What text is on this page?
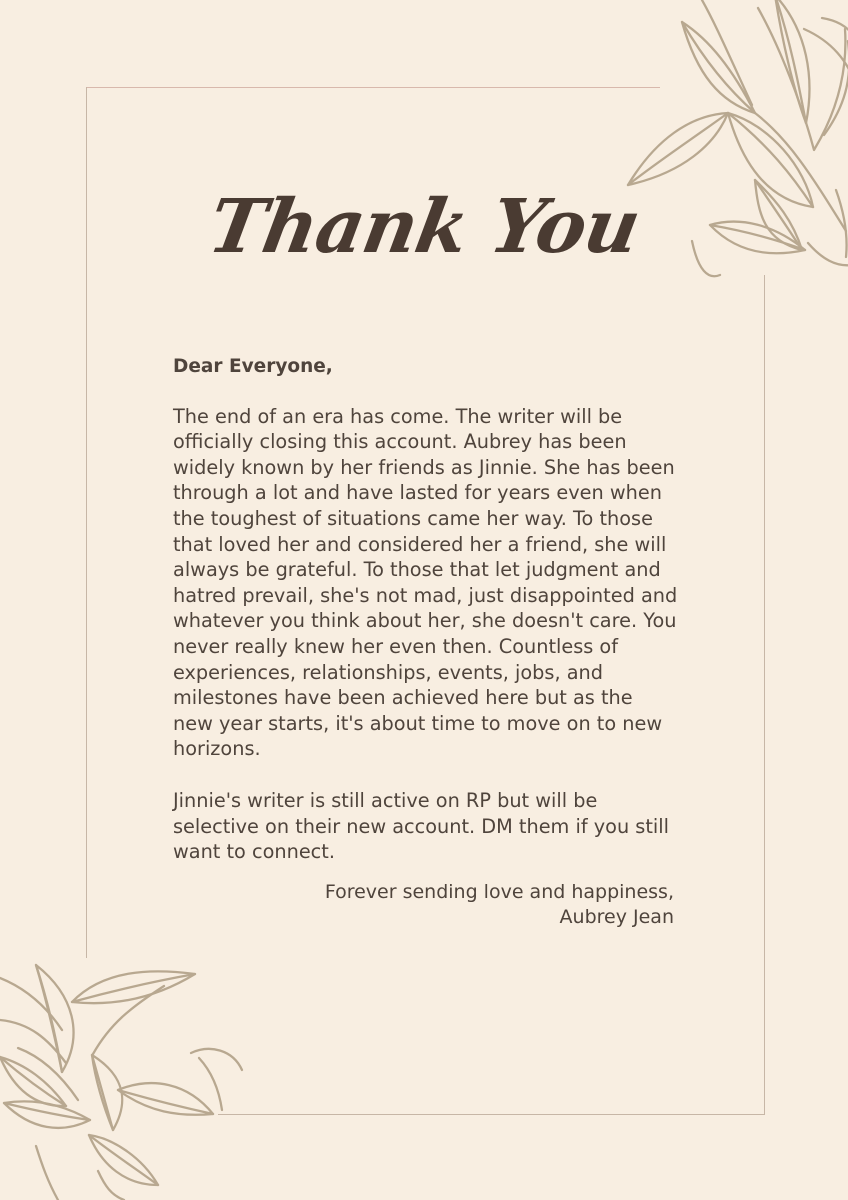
Thank You
Dear Everyone,
The end of an era has come. The writer will be officially closing this account. Aubrey has been widely known by her friends as Jinnie. She has been through a lot and have lasted for years even when the toughest of situations came her way. To those that loved her and considered her a friend, she will always be grateful. To those that let judgment and hatred prevail, she's not mad, just disappointed and whatever you think about her, she doesn't care. You never really knew her even then. Countless of experiences, relationships, events, jobs, and milestones have been achieved here but as the new year starts, it's about time to move on to new horizons.
Jinnie's writer is still active on RP but will be selective on their new account. DM them if you still want to connect.
Forever sending love and happiness,
Aubrey Jean
